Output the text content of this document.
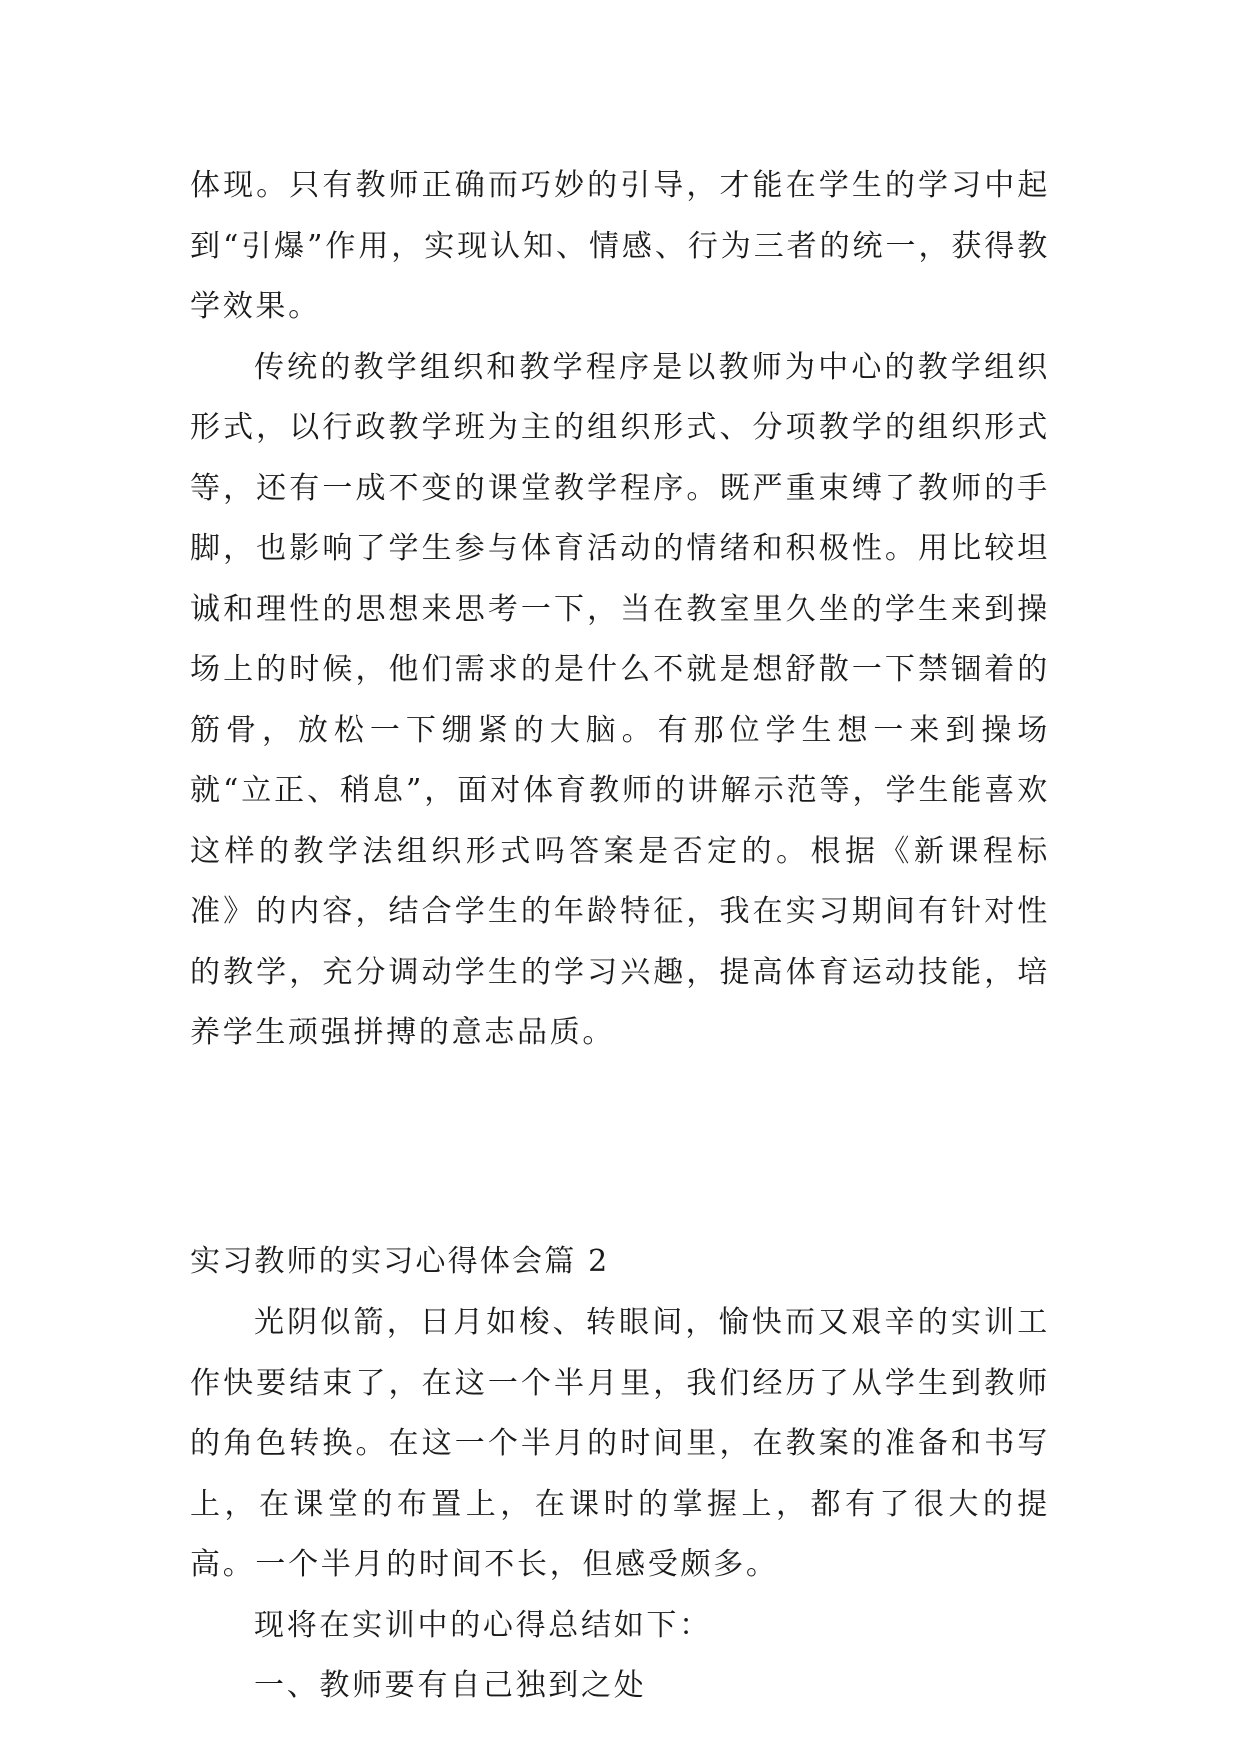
体现。只有教师正确而巧妙的引导，才能在学生的学习中起到“引爆”作用，实现认知、情感、行为三者的统一，获得教学效果。

传统的教学组织和教学程序是以教师为中心的教学组织形式，以行政教学班为主的组织形式、分项教学的组织形式等，还有一成不变的课堂教学程序。既严重束缚了教师的手脚，也影响了学生参与体育活动的情绪和积极性。用比较坦诚和理性的思想来思考一下，当在教室里久坐的学生来到操场上的时候，他们需求的是什么不就是想舒散一下禁锢着的筋骨，放松一下绷紧的大脑。有那位学生想一来到操场就“立正、稍息”，面对体育教师的讲解示范等，学生能喜欢这样的教学法组织形式吗答案是否定的。根据《新课程标准》的内容，结合学生的年龄特征，我在实习期间有针对性的教学，充分调动学生的学习兴趣，提高体育运动技能，培养学生顽强拼搏的意志品质。

实习教师的实习心得体会篇 2

光阴似箭，日月如梭、转眼间，愉快而又艰辛的实训工作快要结束了，在这一个半月里，我们经历了从学生到教师的角色转换。在这一个半月的时间里，在教案的准备和书写上，在课堂的布置上，在课时的掌握上，都有了很大的提高。一个半月的时间不长，但感受颇多。

现将在实训中的心得总结如下：

一、教师要有自己独到之处
